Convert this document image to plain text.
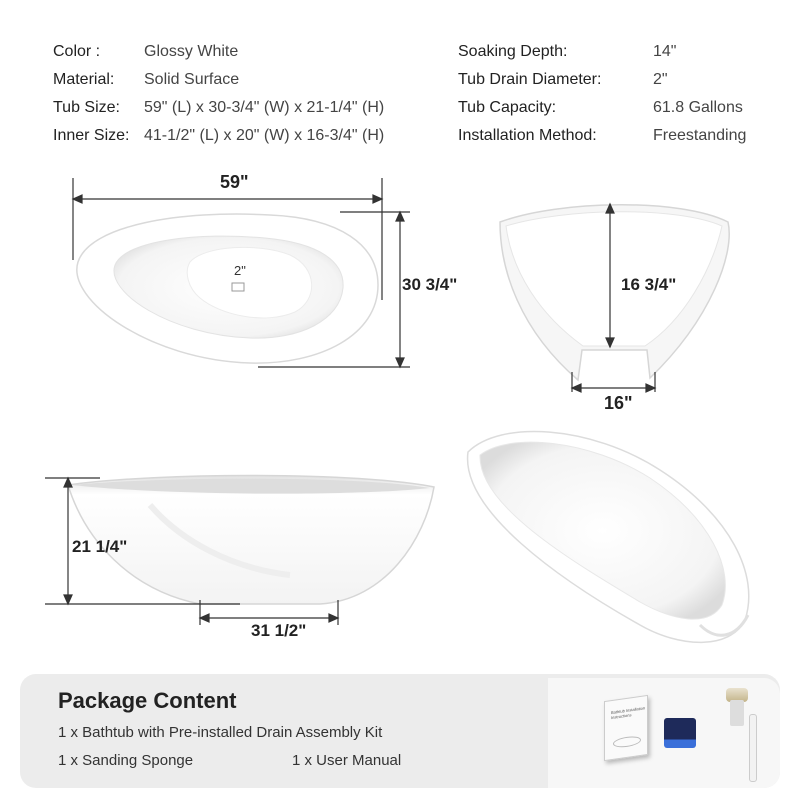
Color :	Glossy White
Material:	Solid Surface
Tub Size:	59" (L) x 30-3/4" (W) x 21-1/4" (H)
Inner Size: 41-1/2" (L) x 20" (W) x 16-3/4" (H)
Soaking Depth:	14"
Tub Drain Diameter:	2"
Tub Capacity:	61.8 Gallons
Installation Method:	Freestanding
59"
30 3/4"
2"
16 3/4"
16"
21 1/4"
31 1/2"
Package Content
1 x Bathtub with Pre-installed Drain Assembly Kit
1 x Sanding Sponge	1 x User Manual
Bathtub Installation Instructions
